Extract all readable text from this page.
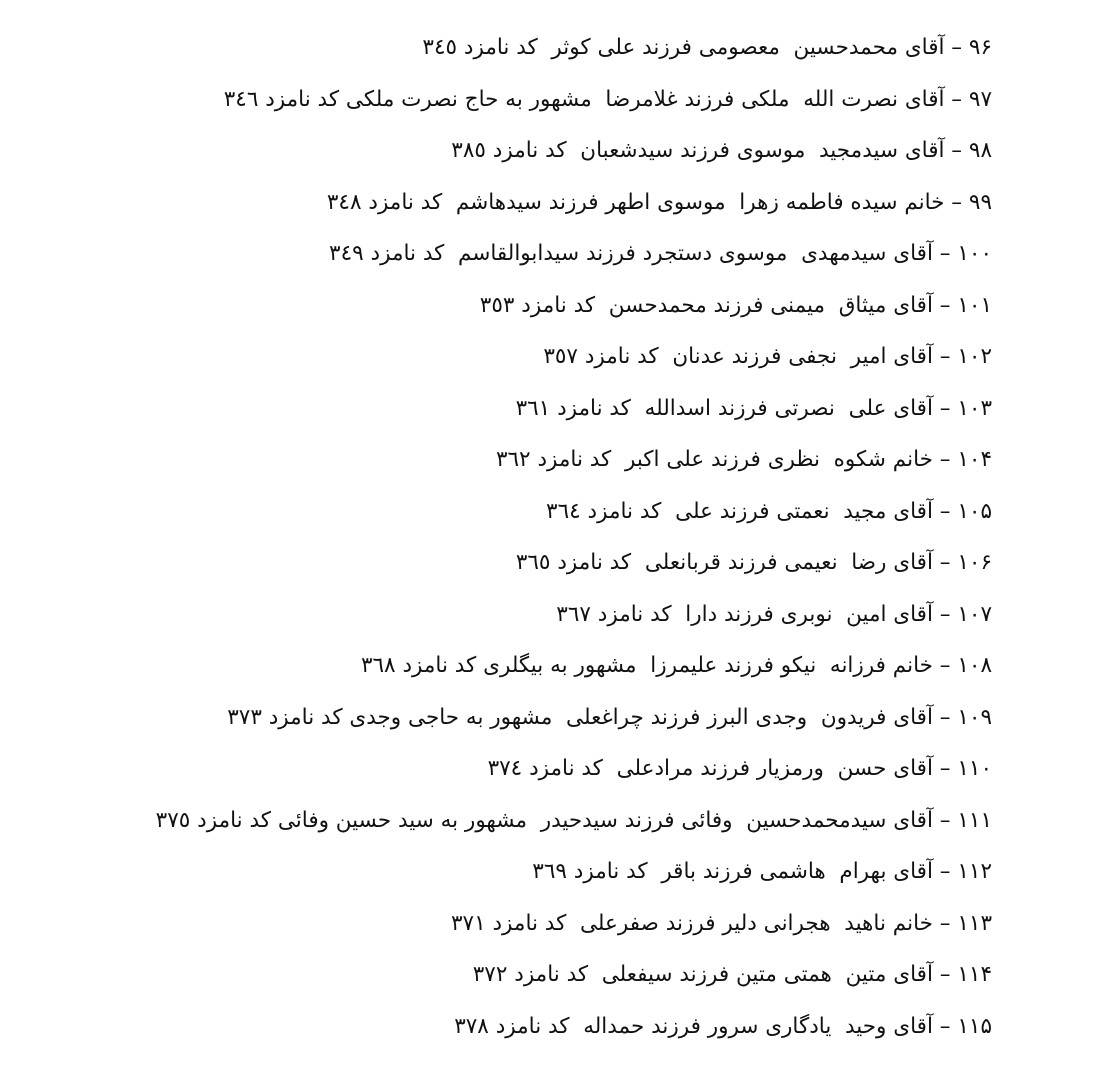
۹۶ – آقای محمدحسین  معصومی فرزند علی کوثر  کد نامزد ٣٤٥
۹۷ – آقای نصرت الله  ملکی فرزند غلامرضا  مشهور به حاج نصرت ملکی کد نامزد ٣٤٦
۹۸ – آقای سیدمجید  موسوی فرزند سیدشعبان  کد نامزد ٣٨٥
۹۹ – خانم سیده فاطمه زهرا  موسوی اطهر فرزند سیدهاشم  کد نامزد ٣٤٨
۱۰۰ – آقای سیدمهدی  موسوی دستجرد فرزند سیدابوالقاسم  کد نامزد ٣٤٩
۱۰۱ – آقای میثاق  میمنی فرزند محمدحسن  کد نامزد ٣٥٣
۱۰۲ – آقای امیر  نجفی فرزند عدنان  کد نامزد ٣٥٧
۱۰۳ – آقای علی  نصرتی فرزند اسدالله  کد نامزد ٣٦١
۱۰۴ – خانم شکوه  نظری فرزند علی اکبر  کد نامزد ٣٦٢
۱۰۵ – آقای مجید  نعمتی فرزند علی  کد نامزد ٣٦٤
۱۰۶ – آقای رضا  نعیمی فرزند قربانعلی  کد نامزد ٣٦٥
۱۰۷ – آقای امین  نوبری فرزند دارا  کد نامزد ٣٦٧
۱۰۸ – خانم فرزانه  نیکو فرزند علیمرزا  مشهور به بیگلری کد نامزد ٣٦٨
۱۰۹ – آقای فریدون  وجدی البرز فرزند چراغعلی  مشهور به حاجی وجدی کد نامزد ٣٧٣
۱۱۰ – آقای حسن  ورمزیار فرزند مرادعلی  کد نامزد ٣٧٤
۱۱۱ – آقای سیدمحمدحسین  وفائی فرزند سیدحیدر  مشهور به سید حسین وفائی کد نامزد ٣٧٥
۱۱۲ – آقای بهرام  هاشمی فرزند باقر  کد نامزد ٣٦٩
۱۱۳ – خانم ناهید  هجرانی دلیر فرزند صفرعلی  کد نامزد ٣٧١
۱۱۴ – آقای متین  همتی متین فرزند سیفعلی  کد نامزد ٣٧٢
۱۱۵ – آقای وحید  یادگاری سرور فرزند حمداله  کد نامزد ٣٧٨
